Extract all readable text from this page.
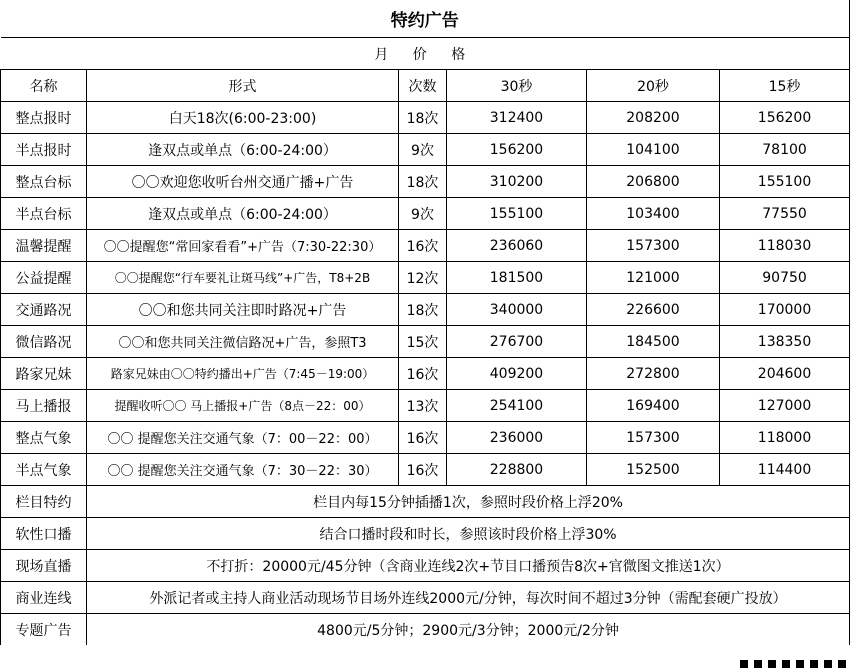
特约广告					
月 价 格					
名称	形式	次数	30秒	20秒	15秒
整点报时	白天18次(6:00-23:00)	18次	312400	208200	156200
半点报时	逢双点或单点（6:00-24:00）	9次	156200	104100	78100
整点台标	〇〇欢迎您收听台州交通广播+广告	18次	310200	206800	155100
半点台标	逢双点或单点（6:00-24:00）	9次	155100	103400	77550
温馨提醒	〇〇提醒您“常回家看看”+广告（7:30-22:30）	16次	236060	157300	118030
公益提醒	〇〇提醒您“行车要礼让斑马线”+广告，T8+2B	12次	181500	121000	90750
交通路况	〇〇和您共同关注即时路况+广告	18次	340000	226600	170000
微信路况	〇〇和您共同关注微信路况+广告，参照T3	15次	276700	184500	138350
路家兄妹	路家兄妹由〇〇特约播出+广告（7:45－19:00）	16次	409200	272800	204600
马上播报	提醒收听〇〇 马上播报+广告（8点－22：00）	13次	254100	169400	127000
整点气象	〇〇 提醒您关注交通气象（7：00－22：00）	16次	236000	157300	118000
半点气象	〇〇 提醒您关注交通气象（7：30－22：30）	16次	228800	152500	114400
栏目特约	栏目内每15分钟插播1次，参照时段价格上浮20%				
软性口播	结合口播时段和时长，参照该时段价格上浮30%				
现场直播	不打折：20000元/45分钟（含商业连线2次+节目口播预告8次+官微图文推送1次）				
商业连线	外派记者或主持人商业活动现场节目场外连线2000元/分钟，每次时间不超过3分钟（需配套硬广投放）				
专题广告	4800元/5分钟；2900元/3分钟；2000元/2分钟				
